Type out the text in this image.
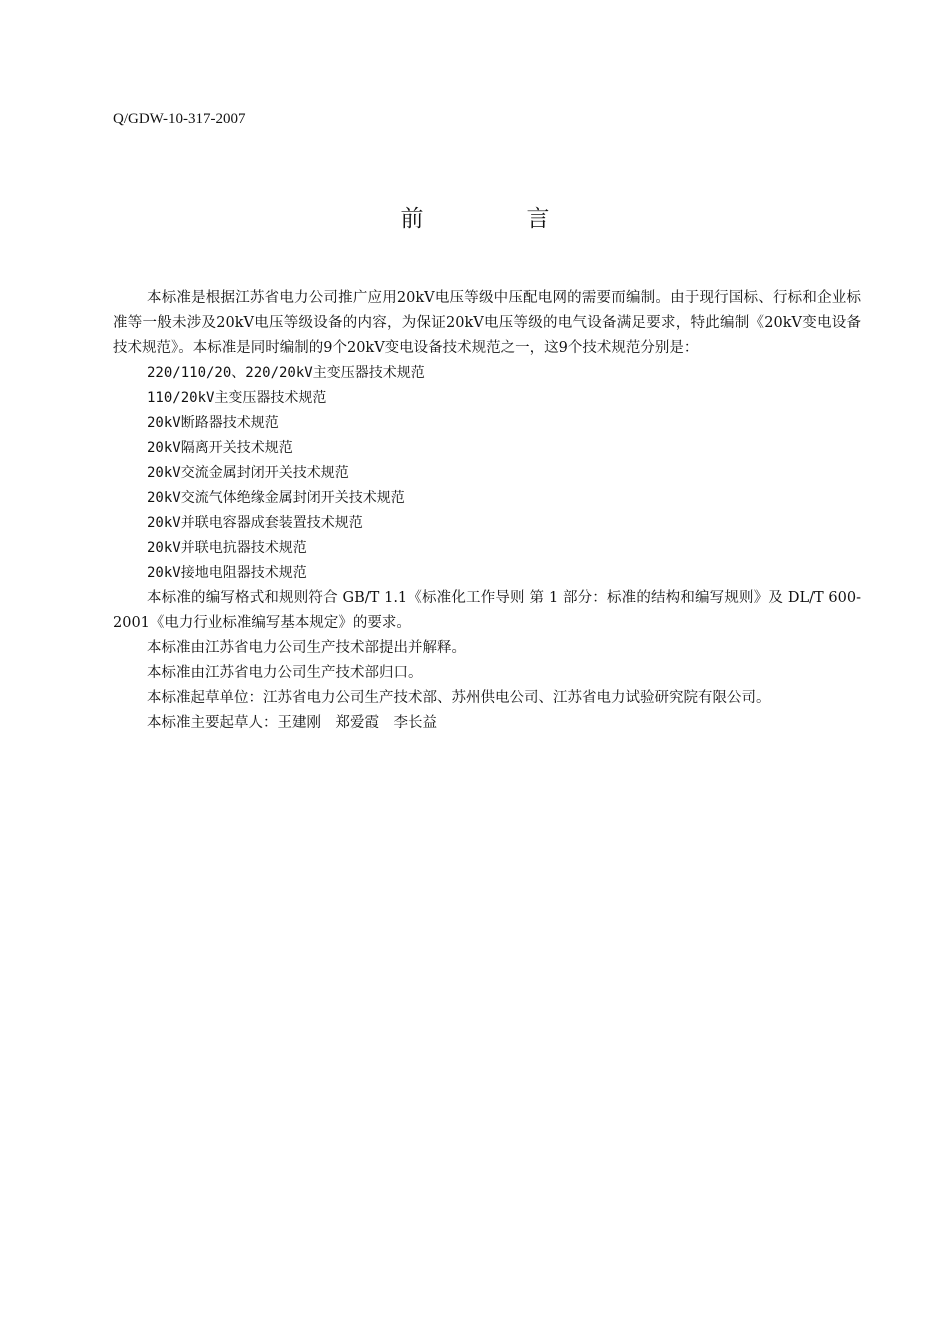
Q/GDW-10-317-2007
前　言

本标准是根据江苏省电力公司推广应用20kV电压等级中压配电网的需要而编制。由于现行国标、行标和企业标准等一般未涉及20kV电压等级设备的内容，为保证20kV电压等级的电气设备满足要求，特此编制《20kV变电设备技术规范》。本标准是同时编制的9个20kV变电设备技术规范之一，这9个技术规范分别是：

220/110/20、220/20kV主变压器技术规范
110/20kV主变压器技术规范
20kV断路器技术规范
20kV隔离开关技术规范
20kV交流金属封闭开关技术规范
20kV交流气体绝缘金属封闭开关技术规范
20kV并联电容器成套装置技术规范
20kV并联电抗器技术规范
20kV接地电阻器技术规范

本标准的编写格式和规则符合 GB/T 1.1《标准化工作导则 第 1 部分：标准的结构和编写规则》及 DL/T 600-2001《电力行业标准编写基本规定》的要求。

本标准由江苏省电力公司生产技术部提出并解释。

本标准由江苏省电力公司生产技术部归口。

本标准起草单位：江苏省电力公司生产技术部、苏州供电公司、江苏省电力试验研究院有限公司。

本标准主要起草人：王建刚　郑爱霞　李长益
